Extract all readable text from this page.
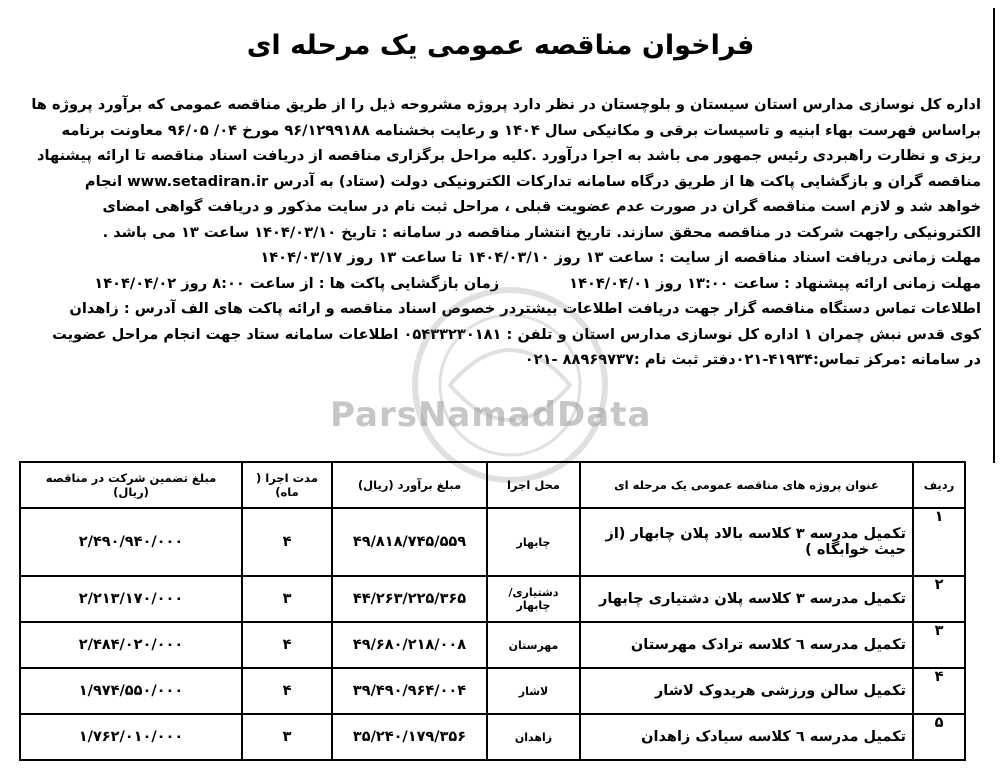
فراخوان مناقصه عمومی یک مرحله ای

اداره کل نوسازی مدارس استان سیستان و بلوچستان در نظر دارد پروژه مشروحه ذیل را از طریق مناقصه عمومی که برآورد پروژه ها

براساس فهرست بهاء ابنیه و تاسیسات برقی و مکانیکی سال ۱۴۰۴ و رعایت بخشنامه ۹۶/۱۲۹۹۱۸۸ مورخ ۰۴/ ۹۶/۰۵ معاونت برنامه

ریزی و نظارت راهبردی رئیس جمهور می باشد به اجرا درآورد .کلیه مراحل برگزاری مناقصه از دریافت اسناد مناقصه تا ارائه پیشنهاد

مناقصه گران و بازگشایی پاکت ها از طریق درگاه سامانه تدارکات الکترونیکی دولت (ستاد) به آدرس www.setadiran.ir انجام

خواهد شد و لازم است مناقصه گران در صورت عدم عضویت قبلی ، مراحل ثبت نام در سایت مذکور و دریافت گواهی امضای

الکترونیکی راجهت شرکت در مناقصه محقق سازند. تاریخ انتشار مناقصه در سامانه : تاریخ ۱۴۰۴/۰۳/۱۰ ساعت ۱۳ می باشد .

مهلت زمانی دریافت اسناد مناقصه از سایت : ساعت ۱۳ روز ۱۴۰۴/۰۳/۱۰ تا ساعت ۱۳ روز ۱۴۰۴/۰۳/۱۷

مهلت زمانی ارائه پیشنهاد : ساعت ۱۳:۰۰ روز ۱۴۰۴/۰۴/۰۱
زمان بازگشایی پاکت ها : از ساعت ۸:۰۰ روز ۱۴۰۴/۰۴/۰۲

اطلاعات تماس دستگاه مناقصه گزار جهت دریافت اطلاعات بیشتردر خصوص اسناد مناقصه و ارائه پاکت های الف آدرس : زاهدان

کوی قدس نبش چمران ۱ اداره کل نوسازی مدارس استان و تلفن : ۰۵۴۳۳۲۳۰۱۸۱ اطلاعات سامانه ستاد جهت انجام مراحل عضویت

در سامانه :مرکز تماس:۴۱۹۳۴-۰۲۱دفتر ثبت نام :۸۸۹۶۹۷۳۷ -۰۲۱

ParsNamadData
ردیف	عنوان پروژه های مناقصه عمومی یک مرحله ای	محل اجرا	مبلغ برآورد (ریال)	مدت اجرا ( ماه)	مبلغ تضمین شرکت در مناقصه (ریال)
۱	تکمیل مدرسه ۳ کلاسه بالاد پلان چابهار (از حیث خوابگاه )	چابهار	۴۹/۸۱۸/۷۴۵/۵۵۹	۴	۲/۴۹۰/۹۴۰/۰۰۰
۲	تکمیل مدرسه ۳ کلاسه پلان دشتیاری چابهار	دشتیاری/چابهار	۴۴/۲۶۳/۲۲۵/۳۶۵	۳	۲/۲۱۳/۱۷۰/۰۰۰
۳	تکمیل مدرسه ٦ کلاسه ترادک مهرستان	مهرستان	۴۹/۶۸۰/۲۱۸/۰۰۸	۴	۲/۴۸۴/۰۲۰/۰۰۰
۴	تکمیل سالن ورزشی هریدوک لاشار	لاشار	۳۹/۴۹۰/۹۶۴/۰۰۴	۴	۱/۹۷۴/۵۵۰/۰۰۰
۵	تکمیل مدرسه ٦ کلاسه سیادک زاهدان	زاهدان	۳۵/۲۴۰/۱۷۹/۳۵۶	۳	۱/۷۶۲/۰۱۰/۰۰۰
